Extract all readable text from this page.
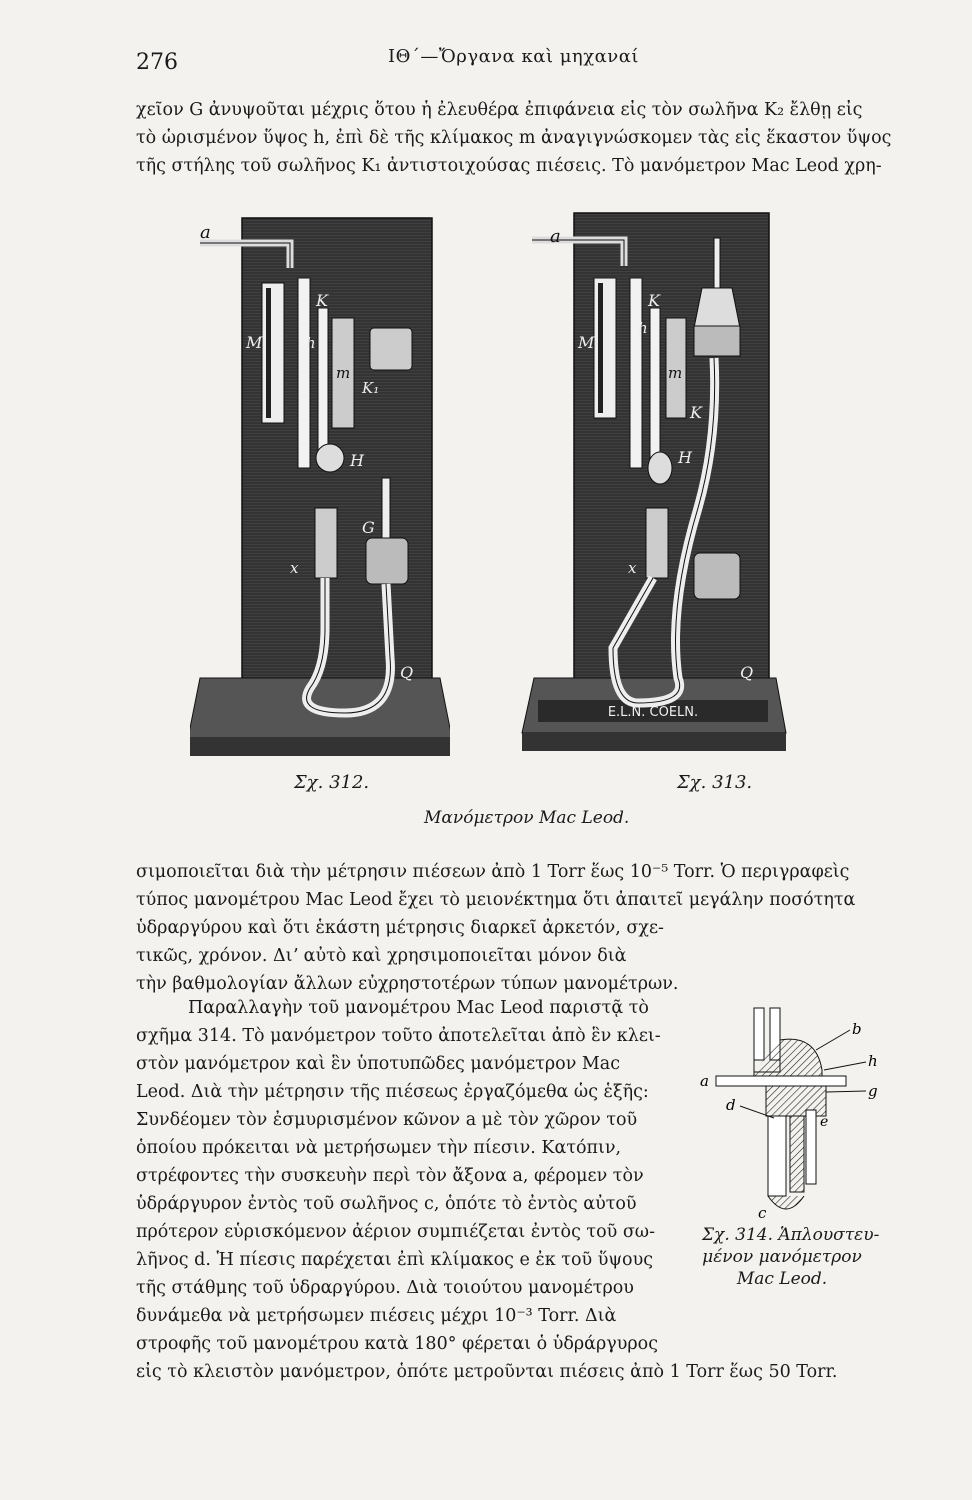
276	ΙΘ΄—Ὄργανα καὶ μηχαναί

χεῖον G ἀνυψοῦται μέχρις ὅτου ἡ ἐλευθέρα ἐπιφάνεια εἰς τὸν σωλῆνα K₂ ἔλθῃ εἰς
τὸ ὡρισμένον ὕψος h, ἐπὶ δὲ τῆς κλίμακος m ἀναγιγνώσκομεν τὰς εἰς ἕκαστον ὕψος
τῆς στήλης τοῦ σωλῆνος K₁ ἀντιστοιχούσας πιέσεις. Τὸ μανόμετρον Mac Leod χρη-

a
K
M	h
m
K₁
H
G
x
Q
E.L.N. COELN.
a
K
M
h
m
K
H
x
Q
Σχ. 312.	Σχ. 313.
Μανόμετρον Mac Leod.

σιμοποιεῖται διὰ τὴν μέτρησιν πιέσεων ἀπὸ 1 Torr ἕως 10⁻⁵ Torr. Ὁ περιγραφεὶς
τύπος μανομέτρου Mac Leod ἔχει τὸ μειονέκτημα ὅτι ἀπαιτεῖ μεγάλην ποσότητα
ὑδραργύρου καὶ ὅτι ἑκάστη μέτρησις διαρκεῖ ἀρκετόν, σχε-
τικῶς, χρόνον. Διʼ αὐτὸ καὶ χρησιμοποιεῖται μόνον διὰ
τὴν βαθμολογίαν ἄλλων εὐχρηστοτέρων τύπων μανομέτρων.

Παραλλαγὴν τοῦ μανομέτρου Mac Leod παριστᾷ τὸ
σχῆμα 314. Τὸ μανόμετρον τοῦτο ἀποτελεῖται ἀπὸ ἓν κλει-
στὸν μανόμετρον καὶ ἓν ὑποτυπῶδες μανόμετρον Mac
Leod. Διὰ τὴν μέτρησιν τῆς πιέσεως ἐργαζόμεθα ὡς ἑξῆς:
Συνδέομεν τὸν ἐσμυρισμένον κῶνον a μὲ τὸν χῶρον τοῦ
ὁποίου πρόκειται νὰ μετρήσωμεν τὴν πίεσιν. Κατόπιν,
στρέφοντες τὴν συσκευὴν περὶ τὸν ἄξονα a, φέρομεν τὸν
ὑδράργυρον ἐντὸς τοῦ σωλῆνος c, ὁπότε τὸ ἐντὸς αὐτοῦ
πρότερον εὑρισκόμενον ἀέριον συμπιέζεται ἐντὸς τοῦ σω-
λῆνος d. Ἡ πίεσις παρέχεται ἐπὶ κλίμακος e ἐκ τοῦ ὕψους
τῆς στάθμης τοῦ ὑδραργύρου. Διὰ τοιούτου μανομέτρου
δυνάμεθα νὰ μετρήσωμεν πιέσεις μέχρι 10⁻³ Torr. Διὰ
στροφῆς τοῦ μανομέτρου κατὰ 180° φέρεται ὁ ὑδράργυρος
εἰς τὸ κλειστὸν μανόμετρον, ὁπότε μετροῦνται πιέσεις ἀπὸ 1 Torr ἕως 50 Torr.

a
b
h
g
d
e
c
Σχ. 314. Ἁπλουστευ-
μένον μανόμετρον
Mac Leod.
